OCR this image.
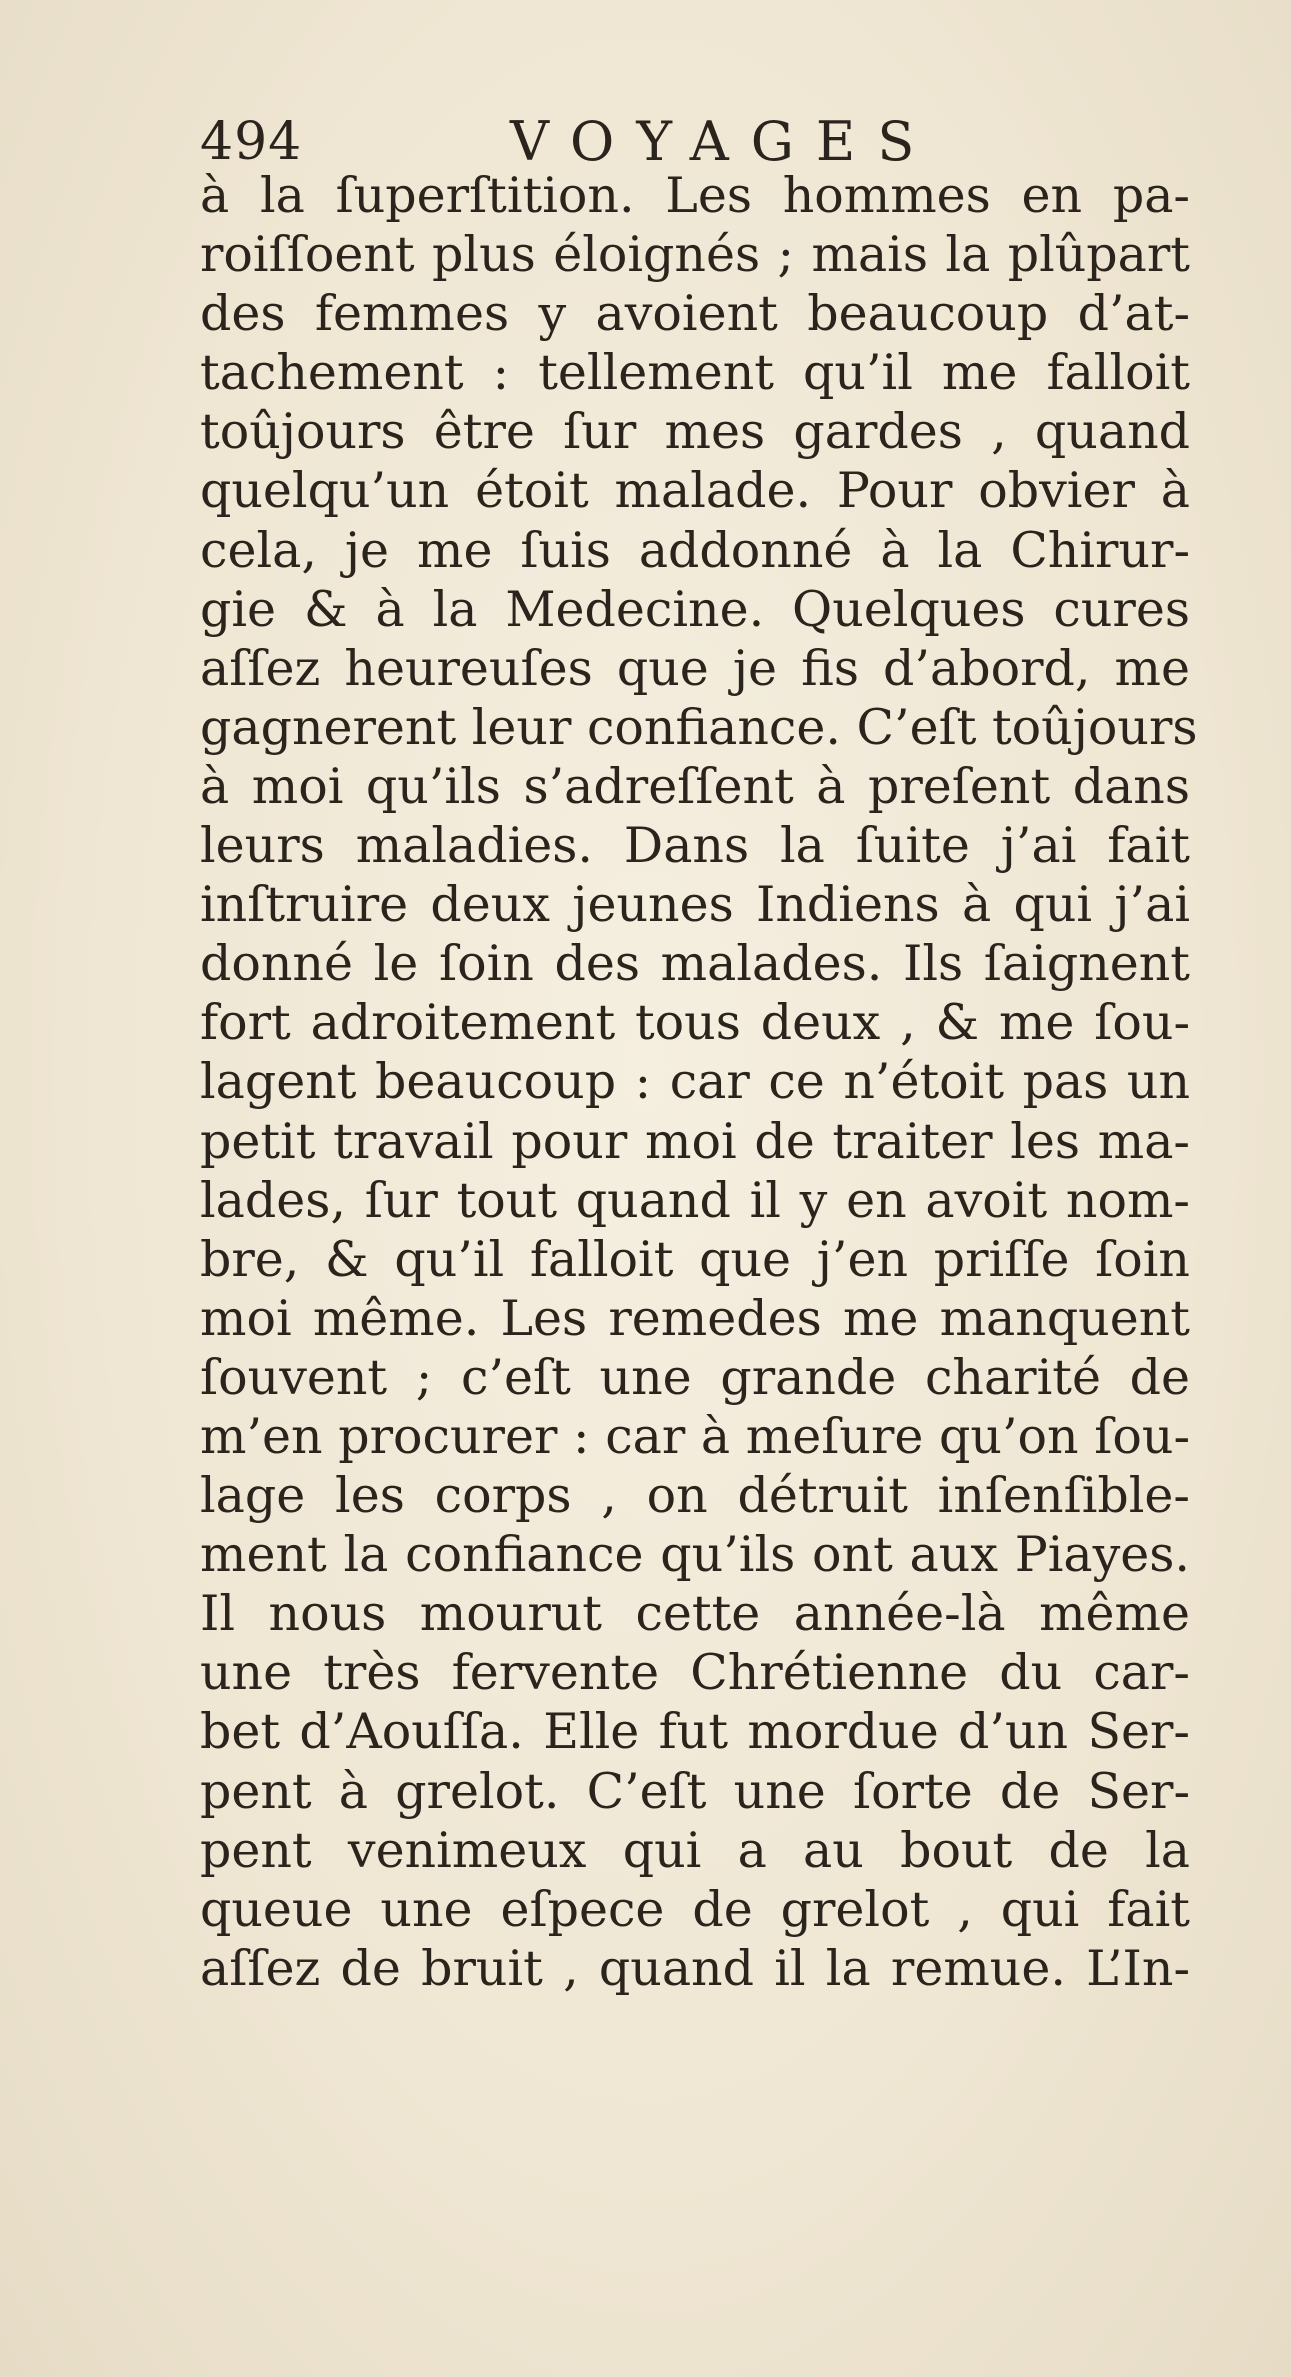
494	VOYAGES
à la ſuperſtition. Les hommes en pa-
roiſſoent plus éloignés ; mais la plûpart
des femmes y avoient beaucoup d’at-
tachement : tellement qu’il me falloit
toûjours être ſur mes gardes , quand
quelqu’un étoit malade. Pour obvier à
cela, je me ſuis addonné à la Chirur-
gie & à la Medecine. Quelques cures
aſſez heureuſes que je fis d’abord, me
gagnerent leur confiance. C’eſt toûjours
à moi qu’ils s’adreſſent à preſent dans
leurs maladies. Dans la ſuite j’ai fait
inſtruire deux jeunes Indiens à qui j’ai
donné le ſoin des malades. Ils ſaignent
fort adroitement tous deux , & me ſou-
lagent beaucoup : car ce n’étoit pas un
petit travail pour moi de traiter les ma-
lades, ſur tout quand il y en avoit nom-
bre, & qu’il falloit que j’en priſſe ſoin
moi même. Les remedes me manquent
ſouvent ; c’eſt une grande charité de
m’en procurer : car à meſure qu’on ſou-
lage les corps , on détruit inſenſible-
ment la confiance qu’ils ont aux Piayes.
Il nous mourut cette année-là même
une très fervente Chrétienne du car-
bet d’Aouſſa. Elle fut mordue d’un Ser-
pent à grelot. C’eſt une ſorte de Ser-
pent venimeux qui a au bout de la
queue une eſpece de grelot , qui fait
aſſez de bruit , quand il la remue. L’In-
